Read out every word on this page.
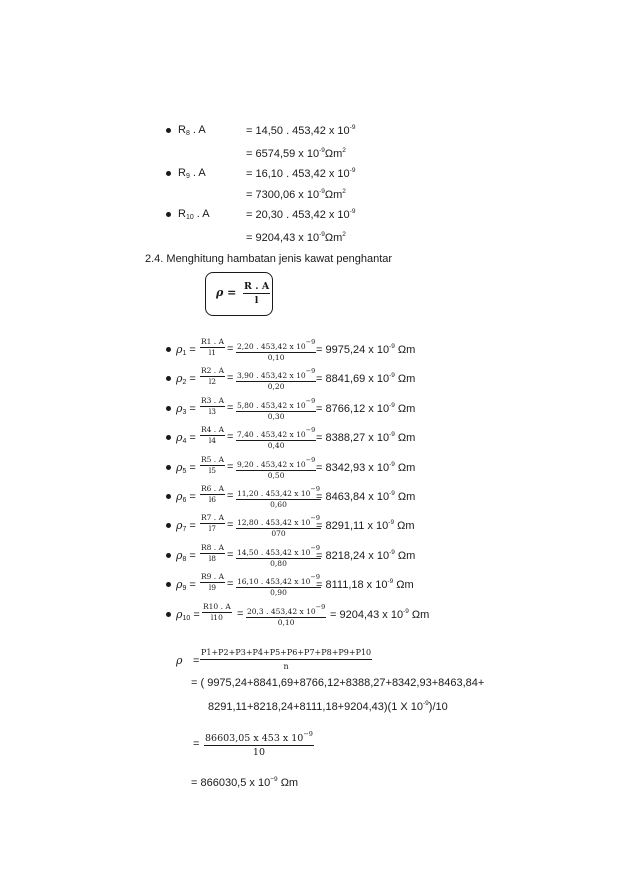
$R_8$ . A	= 14,50 . 453,42 x $10^{-9}$
= 6574,59 x $10^{-9}\Omega m^2$
$R_9$ . A	= 16,10 . 453,42 x $10^{-9}$
= 7300,06 x $10^{-9}\Omega m^2$
$R_{10}$ . A	= 20,30 . 453,42 x $10^{-9}$
= 9204,43 x $10^{-9}\Omega m^2$
2.4. Menghitung hambatan jenis kawat penghantar
$\rho = \frac{R . A}{l}$
$\rho_1 = \frac{R1 . A}{l1} = \frac{2,20 . 453,42 x 10^{-9}}{0,10} = 9975,24$ x $10^{-9}$ Ωm
$\rho_2 = \frac{R2 . A}{l2} = \frac{3,90 . 453,42 x 10^{-9}}{0,20} = 8841,69$ x $10^{-9}$ Ωm
$\rho_3 = \frac{R3 . A}{l3} = \frac{5,80 . 453,42 x 10^{-9}}{0,30} = 8766,12$ x $10^{-9}$ Ωm
$\rho_4 = \frac{R4 . A}{l4} = \frac{7,40 . 453,42 x 10^{-9}}{0,40} = 8388,27$ x $10^{-9}$ Ωm
$\rho_5 = \frac{R5 . A}{l5} = \frac{9,20 . 453,42 x 10^{-9}}{0,50} = 8342,93$ x $10^{-9}$ Ωm
$\rho_6 = \frac{R6 . A}{l6} = \frac{11,20 . 453,42 x 10^{-9}}{0,60}$
= 8463,84 x $10^{-9}$ Ωm
$\rho_7 = \frac{R7 . A}{l7} = \frac{12,80 . 453,42 x 10^{-9}}{070}$
= 8291,11 x $10^{-9}$ Ωm
$\rho_8 = \frac{R8 . A}{l8} = \frac{14,50 . 453,42 x 10^{-9}}{0,80}$
= 8218,24 x $10^{-9}$ Ωm
$\rho_9 = \frac{R9 . A}{l9} = \frac{16,10 . 453,42 x 10^{-9}}{0,90}$
= 8111,18 x $10^{-9}$ Ωm
$\rho_{10} = \frac{R10 . A}{l10} = \frac{20,3 . 453,42 x 10^{-9}}{0,10} = 9204,43$ x $10^{-9}$ Ωm
$\rho = \frac{P1+P2+P3+P4+P5+P6+P7+P8+P9+P10}{n}$
= ( 9975,24+8841,69+8766,12+8388,27+8342,93+8463,84+
8291,11+8218,24+8111,18+9204,43)(1 X $10^{-9})/10$
= $\frac{86603,05 x 453 x 10^{-9}}{10}$
= 866030,5 x $10^{-9}$ Ωm
